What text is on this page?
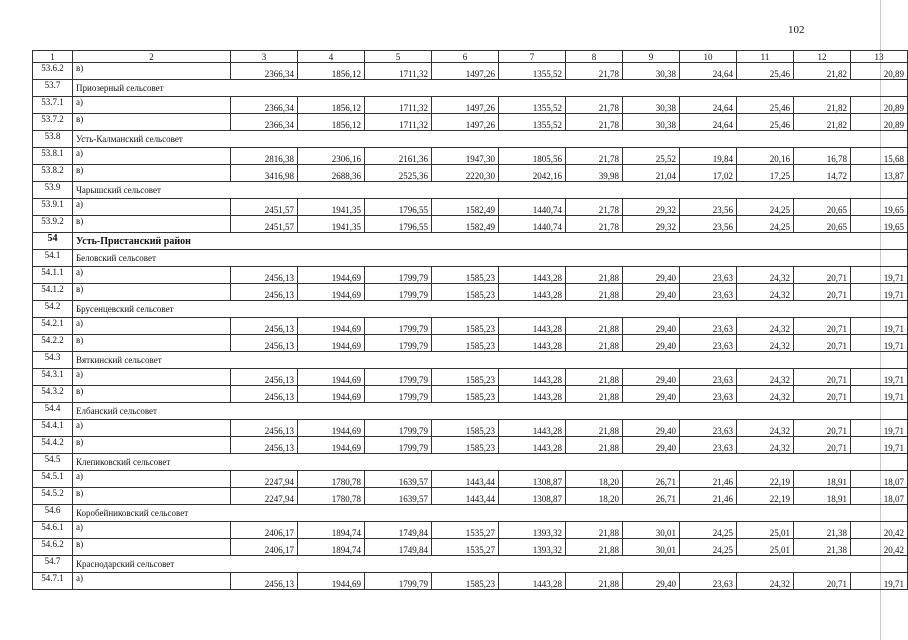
102
1	2	3	4	5	6	7	8	9	10	11	12	13
53.6.2	в)	2366,34	1856,12	1711,32	1497,26	1355,52	21,78	30,38	24,64	25,46	21,82	20,89
53.7	Приозерный сельсовет											
53.7.1	а)	2366,34	1856,12	1711,32	1497,26	1355,52	21,78	30,38	24,64	25,46	21,82	20,89
53.7.2	в)	2366,34	1856,12	1711,32	1497,26	1355,52	21,78	30,38	24,64	25,46	21,82	20,89
53.8	Усть-Калманский сельсовет											
53.8.1	а)	2816,38	2306,16	2161,36	1947,30	1805,56	21,78	25,52	19,84	20,16	16,78	15,68
53.8.2	в)	3416,98	2688,36	2525,36	2220,30	2042,16	39,98	21,04	17,02	17,25	14,72	13,87
53.9	Чарышский сельсовет											
53.9.1	а)	2451,57	1941,35	1796,55	1582,49	1440,74	21,78	29,32	23,56	24,25	20,65	19,65
53.9.2	в)	2451,57	1941,35	1796,55	1582,49	1440,74	21,78	29,32	23,56	24,25	20,65	19,65
54	Усть-Пристанский район											
54.1	Беловский сельсовет											
54.1.1	а)	2456,13	1944,69	1799,79	1585,23	1443,28	21,88	29,40	23,63	24,32	20,71	19,71
54.1.2	в)	2456,13	1944,69	1799,79	1585,23	1443,28	21,88	29,40	23,63	24,32	20,71	19,71
54.2	Брусенцевский сельсовет											
54.2.1	а)	2456,13	1944,69	1799,79	1585,23	1443,28	21,88	29,40	23,63	24,32	20,71	19,71
54.2.2	в)	2456,13	1944,69	1799,79	1585,23	1443,28	21,88	29,40	23,63	24,32	20,71	19,71
54.3	Вяткинский сельсовет											
54.3.1	а)	2456,13	1944,69	1799,79	1585,23	1443,28	21,88	29,40	23,63	24,32	20,71	19,71
54.3.2	в)	2456,13	1944,69	1799,79	1585,23	1443,28	21,88	29,40	23,63	24,32	20,71	19,71
54.4	Елбанский сельсовет											
54.4.1	а)	2456,13	1944,69	1799,79	1585,23	1443,28	21,88	29,40	23,63	24,32	20,71	19,71
54.4.2	в)	2456,13	1944,69	1799,79	1585,23	1443,28	21,88	29,40	23,63	24,32	20,71	19,71
54.5	Клепиковский сельсовет											
54.5.1	а)	2247,94	1780,78	1639,57	1443,44	1308,87	18,20	26,71	21,46	22,19	18,91	18,07
54.5.2	в)	2247,94	1780,78	1639,57	1443,44	1308,87	18,20	26,71	21,46	22,19	18,91	18,07
54.6	Коробейниковский сельсовет											
54.6.1	а)	2406,17	1894,74	1749,84	1535,27	1393,32	21,88	30,01	24,25	25,01	21,38	20,42
54.6.2	в)	2406,17	1894,74	1749,84	1535,27	1393,32	21,88	30,01	24,25	25,01	21,38	20,42
54.7	Краснодарский сельсовет											
54.7.1	а)	2456,13	1944,69	1799,79	1585,23	1443,28	21,88	29,40	23,63	24,32	20,71	19,71
